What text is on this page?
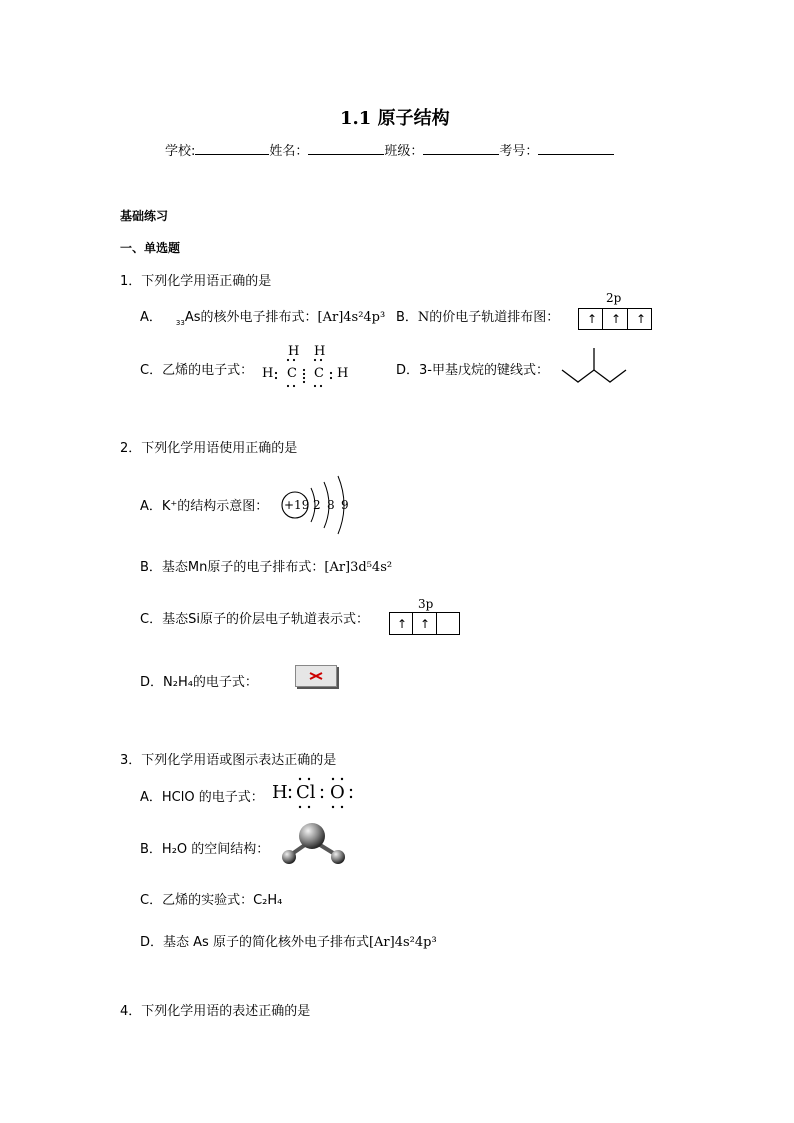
1.1 原子结构
学校:	姓名：	班级：	考号：
基础练习
一、单选题
1．下列化学用语正确的是
A． $_{33}$As的核外电子排布式：[Ar]4s²4p³ B．N的价电子轨道排布图：
2p
↑ ↑ ↑
C．乙烯的电子式：
H H
H C C H	D．3-甲基戊烷的键线式：
2．下列化学用语使用正确的是
A．K⁺的结构示意图： +19 2 8 9
B．基态Mn原子的电子排布式：[Ar]3d⁵4s²
C．基态Si原子的价层电子轨道表示式：
3p
↑ ↑
D．N₂H₄的电子式：
3．下列化学用语或图示表达正确的是
A．HClO 的电子式： H Cl O
B．H₂O 的空间结构：
C．乙烯的实验式：C₂H₄
D．基态 As 原子的简化核外电子排布式[Ar]4s²4p³
4．下列化学用语的表述正确的是
